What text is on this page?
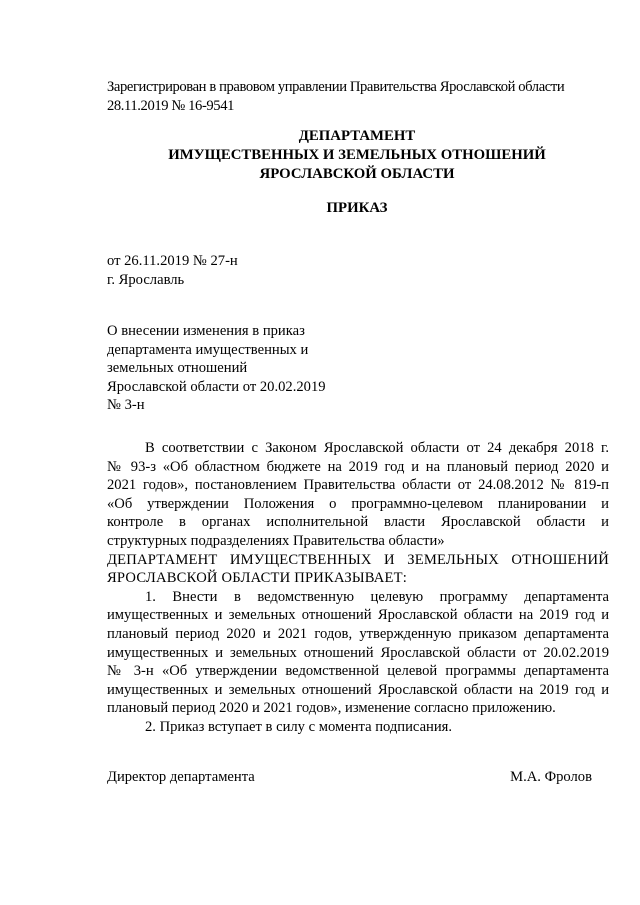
Зарегистрирован в правовом управлении Правительства Ярославской области
28.11.2019 № 16-9541
ДЕПАРТАМЕНТ
ИМУЩЕСТВЕННЫХ И ЗЕМЕЛЬНЫХ ОТНОШЕНИЙ
ЯРОСЛАВСКОЙ ОБЛАСТИ
ПРИКАЗ
от 26.11.2019 № 27-н
г. Ярославль
О внесении изменения в приказ
департамента имущественных и
земельных отношений
Ярославской области от 20.02.2019
№ 3-н
В соответствии с Законом Ярославской области от 24 декабря 2018 г.
№ 93-з «Об областном бюджете на 2019 год и на плановый период 2020 и
2021 годов», постановлением Правительства области от 24.08.2012 № 819-п
«Об утверждении Положения о программно-целевом планировании и
контроле в органах исполнительной власти Ярославской области и
структурных подразделениях Правительства области»
ДЕПАРТАМЕНТ ИМУЩЕСТВЕННЫХ И ЗЕМЕЛЬНЫХ ОТНОШЕНИЙ
ЯРОСЛАВСКОЙ ОБЛАСТИ ПРИКАЗЫВАЕТ:
1. Внести в ведомственную целевую программу департамента
имущественных и земельных отношений Ярославской области на 2019 год и
плановый период 2020 и 2021 годов, утвержденную приказом департамента
имущественных и земельных отношений Ярославской области от 20.02.2019
№ 3-н «Об утверждении ведомственной целевой программы департамента
имущественных и земельных отношений Ярославской области на 2019 год и
плановый период 2020 и 2021 годов», изменение согласно приложению.
2. Приказ вступает в силу с момента подписания.
Директор департамента	М.А. Фролов
